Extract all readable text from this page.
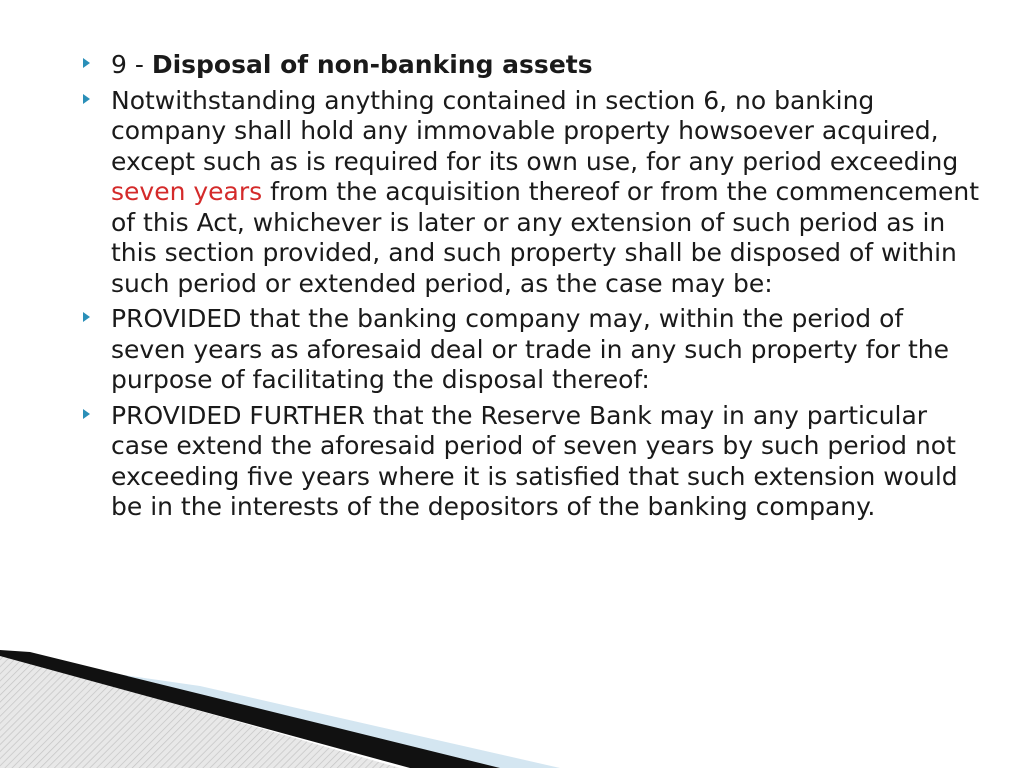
9 - Disposal of non-banking assets
Notwithstanding anything contained in section 6, no banking company shall hold any immovable property howsoever acquired, except such as is required for its own use, for any period exceeding seven years from the acquisition thereof or from the commencement of this Act, whichever is later or any extension of such period as in this section provided, and such property shall be disposed of within such period or extended period, as the case may be:
PROVIDED that the banking company may, within the period of seven years as aforesaid deal or trade in any such property for the purpose of facilitating the disposal thereof:
PROVIDED FURTHER that the Reserve Bank may in any particular case extend the aforesaid period of seven years by such period not exceeding five years where it is satisfied that such extension would be in the interests of the depositors of the banking company.
